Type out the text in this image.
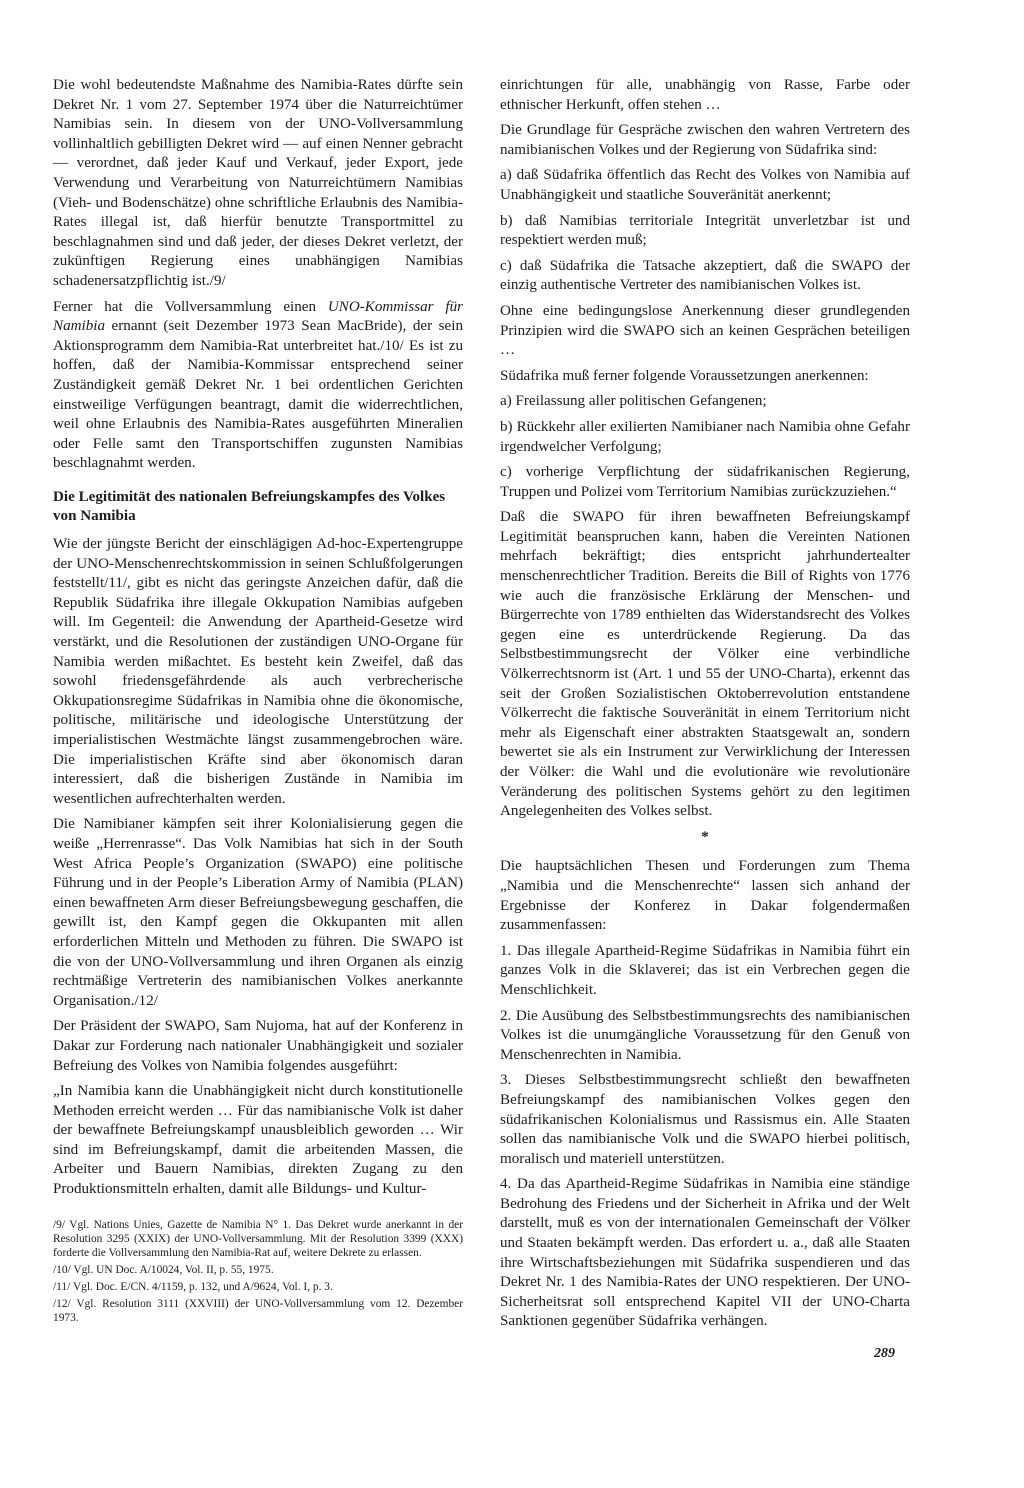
Die wohl bedeutendste Maßnahme des Namibia-Rates dürfte sein Dekret Nr. 1 vom 27. September 1974 über die Naturreichtümer Namibias sein. In diesem von der UNO-Vollversammlung vollinhaltlich gebilligten Dekret wird — auf einen Nenner gebracht — verordnet, daß jeder Kauf und Verkauf, jeder Export, jede Verwendung und Verarbeitung von Naturreichtümern Namibias (Vieh- und Bodenschätze) ohne schriftliche Erlaubnis des Namibia-Rates illegal ist, daß hierfür benutzte Transportmittel zu beschlagnahmen sind und daß jeder, der dieses Dekret verletzt, der zukünftigen Regierung eines unabhängigen Namibias schadenersatzpflichtig ist./9/

Ferner hat die Vollversammlung einen UNO-Kommissar für Namibia ernannt (seit Dezember 1973 Sean MacBride), der sein Aktionsprogramm dem Namibia-Rat unterbreitet hat./10/ Es ist zu hoffen, daß der Namibia-Kommissar entsprechend seiner Zuständigkeit gemäß Dekret Nr. 1 bei ordentlichen Gerichten einstweilige Verfügungen beantragt, damit die widerrechtlichen, weil ohne Erlaubnis des Namibia-Rates ausgeführten Mineralien oder Felle samt den Transportschiffen zugunsten Namibias beschlagnahmt werden.

Die Legitimität des nationalen Befreiungskampfes des Volkes von Namibia

Wie der jüngste Bericht der einschlägigen Ad-hoc-Expertengruppe der UNO-Menschenrechtskommission in seinen Schlußfolgerungen feststellt/11/, gibt es nicht das geringste Anzeichen dafür, daß die Republik Südafrika ihre illegale Okkupation Namibias aufgeben will. Im Gegenteil: die Anwendung der Apartheid-Gesetze wird verstärkt, und die Resolutionen der zuständigen UNO-Organe für Namibia werden mißachtet. Es besteht kein Zweifel, daß das sowohl friedensgefährdende als auch verbrecherische Okkupationsregime Südafrikas in Namibia ohne die ökonomische, politische, militärische und ideologische Unterstützung der imperialistischen Westmächte längst zusammengebrochen wäre. Die imperialistischen Kräfte sind aber ökonomisch daran interessiert, daß die bisherigen Zustände in Namibia im wesentlichen aufrechterhalten werden.

Die Namibianer kämpfen seit ihrer Kolonialisierung gegen die weiße „Herrenrasse“. Das Volk Namibias hat sich in der South West Africa People’s Organization (SWAPO) eine politische Führung und in der People’s Liberation Army of Namibia (PLAN) einen bewaffneten Arm dieser Befreiungsbewegung geschaffen, die gewillt ist, den Kampf gegen die Okkupanten mit allen erforderlichen Mitteln und Methoden zu führen. Die SWAPO ist die von der UNO-Vollversammlung und ihren Organen als einzig rechtmäßige Vertreterin des namibianischen Volkes anerkannte Organisation./12/

Der Präsident der SWAPO, Sam Nujoma, hat auf der Konferenz in Dakar zur Forderung nach nationaler Unabhängigkeit und sozialer Befreiung des Volkes von Namibia folgendes ausgeführt:

„In Namibia kann die Unabhängigkeit nicht durch konstitutionelle Methoden erreicht werden … Für das namibianische Volk ist daher der bewaffnete Befreiungskampf unausbleiblich geworden … Wir sind im Befreiungskampf, damit die arbeitenden Massen, die Arbeiter und Bauern Namibias, direkten Zugang zu den Produktionsmitteln erhalten, damit alle Bildungs- und Kultur-

/9/ Vgl. Nations Unies, Gazette de Namibia N° 1. Das Dekret wurde anerkannt in der Resolution 3295 (XXIX) der UNO-Vollversammlung. Mit der Resolution 3399 (XXX) forderte die Vollversammlung den Namibia-Rat auf, weitere Dekrete zu erlassen.

/10/ Vgl. UN Doc. A/10024, Vol. II, p. 55, 1975.

/11/ Vgl. Doc. E/CN. 4/1159, p. 132, und A/9624, Vol. I, p. 3.

/12/ Vgl. Resolution 3111 (XXVIII) der UNO-Vollversammlung vom 12. Dezember 1973.

einrichtungen für alle, unabhängig von Rasse, Farbe oder ethnischer Herkunft, offen stehen …

Die Grundlage für Gespräche zwischen den wahren Vertretern des namibianischen Volkes und der Regierung von Südafrika sind:

a) daß Südafrika öffentlich das Recht des Volkes von Namibia auf Unabhängigkeit und staatliche Souveränität anerkennt;

b) daß Namibias territoriale Integrität unverletzbar ist und respektiert werden muß;

c) daß Südafrika die Tatsache akzeptiert, daß die SWAPO der einzig authentische Vertreter des namibianischen Volkes ist.

Ohne eine bedingungslose Anerkennung dieser grundlegenden Prinzipien wird die SWAPO sich an keinen Gesprächen beteiligen …

Südafrika muß ferner folgende Voraussetzungen anerkennen:

a) Freilassung aller politischen Gefangenen;

b) Rückkehr aller exilierten Namibianer nach Namibia ohne Gefahr irgendwelcher Verfolgung;

c) vorherige Verpflichtung der südafrikanischen Regierung, Truppen und Polizei vom Territorium Namibias zurückzuziehen.“

Daß die SWAPO für ihren bewaffneten Befreiungskampf Legitimität beanspruchen kann, haben die Vereinten Nationen mehrfach bekräftigt; dies entspricht jahrhundertealter menschenrechtlicher Tradition. Bereits die Bill of Rights von 1776 wie auch die französische Erklärung der Menschen- und Bürgerrechte von 1789 enthielten das Widerstandsrecht des Volkes gegen eine es unterdrückende Regierung. Da das Selbstbestimmungsrecht der Völker eine verbindliche Völkerrechtsnorm ist (Art. 1 und 55 der UNO-Charta), erkennt das seit der Großen Sozialistischen Oktoberrevolution entstandene Völkerrecht die faktische Souveränität in einem Territorium nicht mehr als Eigenschaft einer abstrakten Staatsgewalt an, sondern bewertet sie als ein Instrument zur Verwirklichung der Interessen der Völker: die Wahl und die evolutionäre wie revolutionäre Veränderung des politischen Systems gehört zu den legitimen Angelegenheiten des Volkes selbst.

*

Die hauptsächlichen Thesen und Forderungen zum Thema „Namibia und die Menschenrechte“ lassen sich anhand der Ergebnisse der Konferez in Dakar folgendermaßen zusammenfassen:

1. Das illegale Apartheid-Regime Südafrikas in Namibia führt ein ganzes Volk in die Sklaverei; das ist ein Verbrechen gegen die Menschlichkeit.

2. Die Ausübung des Selbstbestimmungsrechts des namibianischen Volkes ist die unumgängliche Voraussetzung für den Genuß von Menschenrechten in Namibia.

3. Dieses Selbstbestimmungsrecht schließt den bewaffneten Befreiungskampf des namibianischen Volkes gegen den südafrikanischen Kolonialismus und Rassismus ein. Alle Staaten sollen das namibianische Volk und die SWAPO hierbei politisch, moralisch und materiell unterstützen.

4. Da das Apartheid-Regime Südafrikas in Namibia eine ständige Bedrohung des Friedens und der Sicherheit in Afrika und der Welt darstellt, muß es von der internationalen Gemeinschaft der Völker und Staaten bekämpft werden. Das erfordert u. a., daß alle Staaten ihre Wirtschaftsbeziehungen mit Südafrika suspendieren und das Dekret Nr. 1 des Namibia-Rates der UNO respektieren. Der UNO-Sicherheitsrat soll entsprechend Kapitel VII der UNO-Charta Sanktionen gegenüber Südafrika verhängen.

289
